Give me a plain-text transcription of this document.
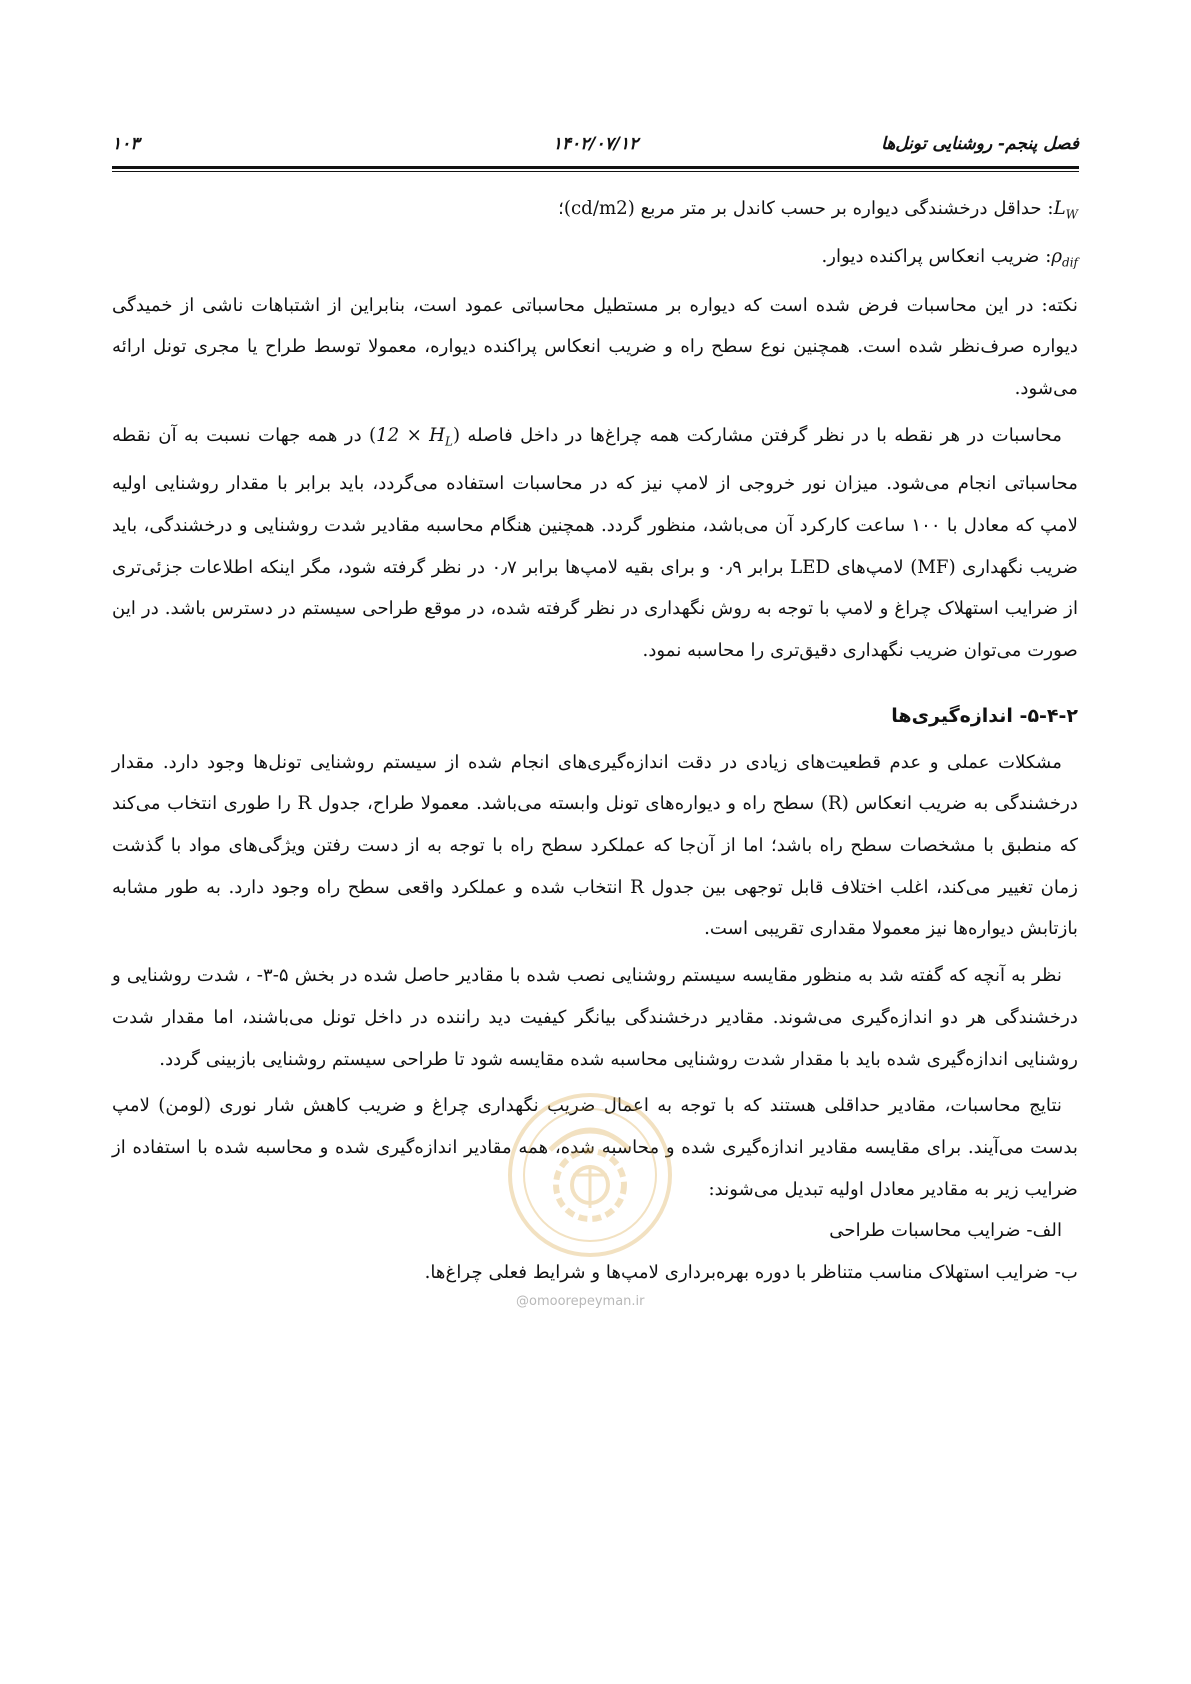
فصل پنجم- روشنایی تونل‌ها
۱۴۰۲/۰۷/۱۲
۱۰۳

$L_W$: حداقل درخشندگی دیواره بر حسب کاندل بر متر مربع (cd/m2)؛

$\rho_{dif}$: ضریب انعکاس پراکنده دیوار.

نکته: در این محاسبات فرض شده است که دیواره بر مستطیل محاسباتی عمود است، بنابراین از اشتباهات ناشی از خمیدگی دیواره صرف‌نظر شده است. همچنین نوع سطح راه و ضریب انعکاس پراکنده دیواره، معمولا توسط طراح یا مجری تونل ارائه می‌شود.

محاسبات در هر نقطه با در نظر گرفتن مشارکت همه چراغ‌ها در داخل فاصله $(12 \times H_L)$ در همه جهات نسبت به آن نقطه محاسباتی انجام می‌شود. میزان نور خروجی از لامپ نیز که در محاسبات استفاده می‌گردد، باید برابر با مقدار روشنایی اولیه لامپ که معادل با ۱۰۰ ساعت کارکرد آن می‌باشد، منظور گردد. همچنین هنگام محاسبه مقادیر شدت روشنایی و درخشندگی، باید ضریب نگهداری (MF) لامپ‌های LED برابر ۰٫۹ و برای بقیه لامپ‌ها برابر ۰٫۷ در نظر گرفته شود، مگر اینکه اطلاعات جزئی‌تری از ضرایب استهلاک چراغ و لامپ با توجه به روش نگهداری در نظر گرفته شده، در موقع طراحی سیستم در دسترس باشد. در این صورت می‌توان ضریب نگهداری دقیق‌تری را محاسبه نمود.

۵-۴-۲- اندازه‌گیری‌ها

مشکلات عملی و عدم قطعیت‌های زیادی در دقت اندازه‌گیری‌های انجام شده از سیستم روشنایی تونل‌ها وجود دارد. مقدار درخشندگی به ضریب انعکاس (R) سطح راه و دیواره‌های تونل وابسته می‌باشد. معمولا طراح، جدول R را طوری انتخاب می‌کند که منطبق با مشخصات سطح راه باشد؛ اما از آن‌جا که عملکرد سطح راه با توجه به از دست رفتن ویژگی‌های مواد با گذشت زمان تغییر می‌کند، اغلب اختلاف قابل توجهی بین جدول R انتخاب شده و عملکرد واقعی سطح راه وجود دارد. به طور مشابه بازتابش دیواره‌ها نیز معمولا مقداری تقریبی است.

نظر به آنچه که گفته شد به منظور مقایسه سیستم روشنایی نصب شده با مقادیر حاصل شده در بخش ۵-۳- ، شدت روشنایی و درخشندگی هر دو اندازه‌گیری می‌شوند. مقادیر درخشندگی بیانگر کیفیت دید راننده در داخل تونل می‌باشند، اما مقدار شدت روشنایی اندازه‌گیری شده باید با مقدار شدت روشنایی محاسبه شده مقایسه شود تا طراحی سیستم روشنایی بازبینی گردد.

نتایج محاسبات، مقادیر حداقلی هستند که با توجه به اعمال ضریب نگهداری چراغ و ضریب کاهش شار نوری (لومن) لامپ بدست می‌آیند. برای مقایسه مقادیر اندازه‌گیری شده و محاسبه شده، همه مقادیر اندازه‌گیری شده و محاسبه شده با استفاده از ضرایب زیر به مقادیر معادل اولیه تبدیل می‌شوند:

الف- ضرایب محاسبات طراحی

ب- ضرایب استهلاک مناسب متناظر با دوره بهره‌برداری لامپ‌ها و شرایط فعلی چراغ‌ها.

@omoorepeyman.ir
